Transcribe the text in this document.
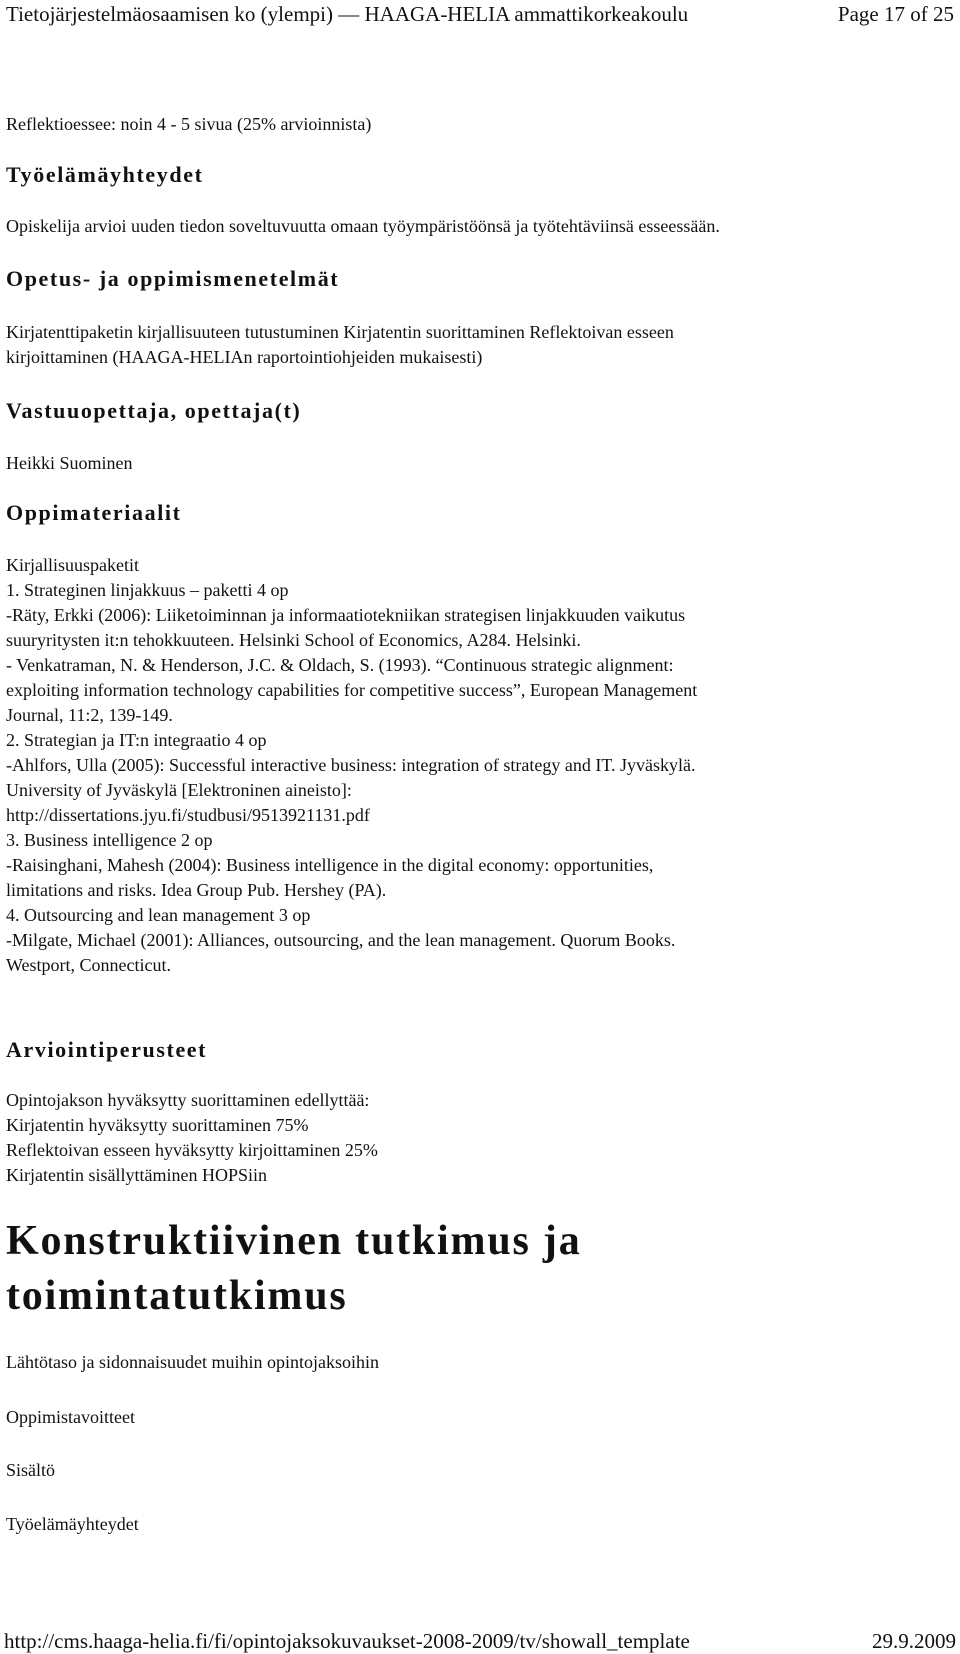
Tietojärjestelmäosaamisen ko (ylempi) — HAAGA-HELIA ammattikorkeakoulu	Page 17 of 25

Reflektioessee: noin 4 - 5 sivua (25% arvioinnista)

Työelämäyhteydet

Opiskelija arvioi uuden tiedon soveltuvuutta omaan työympäristöönsä ja työtehtäviinsä esseessään.

Opetus- ja oppimismenetelmät

Kirjatenttipaketin kirjallisuuteen tutustuminen Kirjatentin suorittaminen Reflektoivan esseen

kirjoittaminen (HAAGA-HELIAn raportointiohjeiden mukaisesti)

Vastuuopettaja, opettaja(t)

Heikki Suominen

Oppimateriaalit

Kirjallisuuspaketit

1. Strateginen linjakkuus – paketti 4 op

-Räty, Erkki (2006): Liiketoiminnan ja informaatiotekniikan strategisen linjakkuuden vaikutus

suuryritysten it:n tehokkuuteen. Helsinki School of Economics, A284. Helsinki.

- Venkatraman, N. & Henderson, J.C. & Oldach, S. (1993). “Continuous strategic alignment:

exploiting information technology capabilities for competitive success”, European Management

Journal, 11:2, 139-149.

2. Strategian ja IT:n integraatio 4 op

-Ahlfors, Ulla (2005): Successful interactive business: integration of strategy and IT. Jyväskylä.

University of Jyväskylä [Elektroninen aineisto]:

http://dissertations.jyu.fi/studbusi/9513921131.pdf

3. Business intelligence 2 op

-Raisinghani, Mahesh (2004): Business intelligence in the digital economy: opportunities,

limitations and risks. Idea Group Pub. Hershey (PA).

4. Outsourcing and lean management 3 op

-Milgate, Michael (2001): Alliances, outsourcing, and the lean management. Quorum Books.

Westport, Connecticut.

Arviointiperusteet

Opintojakson hyväksytty suorittaminen edellyttää:

Kirjatentin hyväksytty suorittaminen 75%

Reflektoivan esseen hyväksytty kirjoittaminen 25%

Kirjatentin sisällyttäminen HOPSiin

Konstruktiivinen tutkimus ja
toimintatutkimus

Lähtötaso ja sidonnaisuudet muihin opintojaksoihin

Oppimistavoitteet

Sisältö

Työelämäyhteydet

http://cms.haaga-helia.fi/fi/opintojaksokuvaukset-2008-2009/tv/showall_template	29.9.2009
